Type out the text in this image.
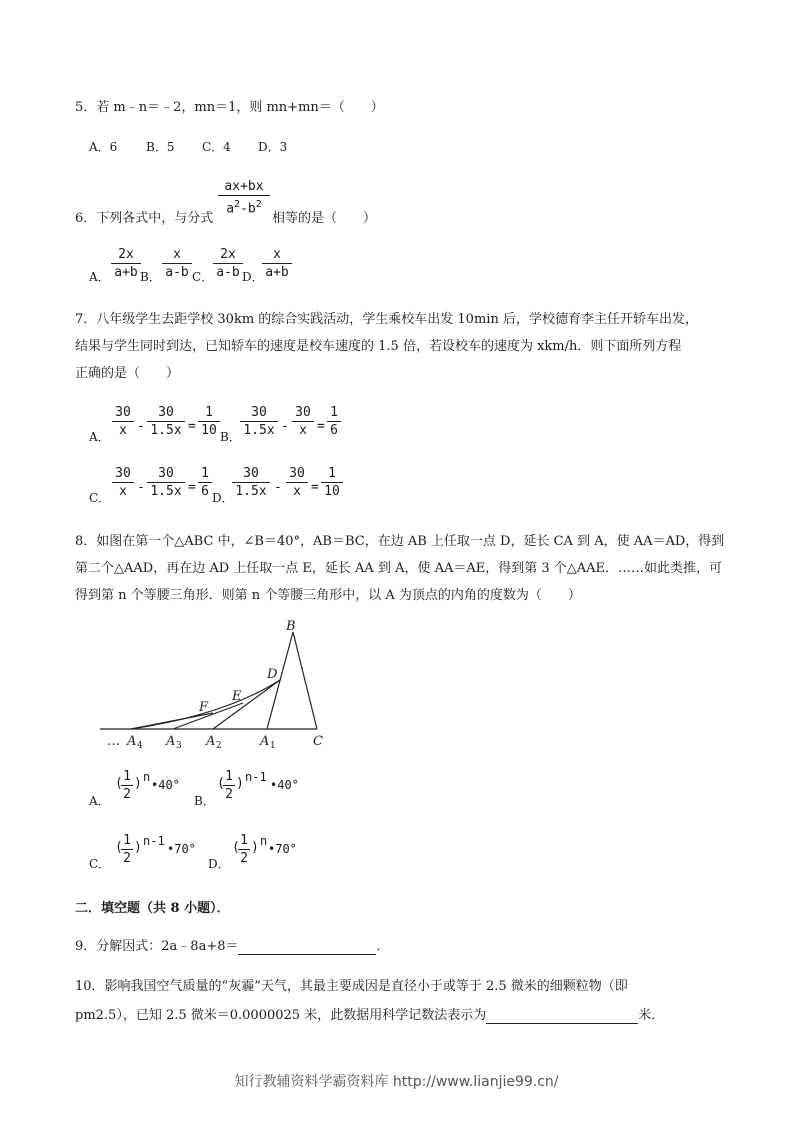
5．若 m﹣n＝﹣2，mn＝1，则 mn+mn＝（　　）
A．6 B．5 C．4 D．3
6．下列各式中，与分式
$\frac{ax+bx}{a^2-b^2}$
相等的是（　　）
A． $\frac{2x}{a+b}$ B． $\frac{x}{a-b}$ C． $\frac{2x}{a-b}$ D．
$\frac{x}{a+b}$
7．八年级学生去距学校 30km 的综合实践活动，学生乘校车出发 10min 后，学校德育李主任开轿车出发，
结果与学生同时到达，已知轿车的速度是校车速度的 1.5 倍，若设校车的速度为 xkm/h．则下面所列方程
正确的是（　　）
A． $\frac{30}{x} - \frac{30}{1.5x} = \frac{1}{10}$ B． $\frac{30}{1.5x} - \frac{30}{x} = \frac{1}{6}$
C． $\frac{30}{x} - \frac{30}{1.5x} = \frac{1}{6}$ D．
$\frac{30}{1.5x} - \frac{30}{x} = \frac{1}{10}$
8．如图在第一个△ABC 中，∠B＝40°，AB＝BC，在边 AB 上任取一点 D，延长 CA 到 A，使 AA＝AD，得到
第二个△AAD，再在边 AD 上任取一点 E，延长 AA 到 A，使 AA＝AE，得到第 3 个△AAE．……如此类推，可
得到第 n 个等腰三角形．则第 n 个等腰三角形中，以 A 为顶点的内角的度数为（　　）
B
D
E
F
… A 4 A 3 A 2	A 1	C
A．
(
$\frac{1}{2}$ ) n
•40°
B．
(
$\frac{1}{2}$ ) n-1
•40°
C．
(
$\frac{1}{2}$ ) n-1
•70°
D．
(
$\frac{1}{2}$ ) n
•70°
二．填空题（共 8 小题）．
9．分解因式：2a﹣8a+8＝	．
10．影响我国空气质量的“灰霾”天气，其最主要成因是直径小于或等于 2.5 微米的细颗粒物（即
pm2.5），已知 2.5 微米＝0.0000025 米，此数据用科学记数法表示为	米．
知行教辅资料学霸资料库 http://www.lianjie99.cn/
